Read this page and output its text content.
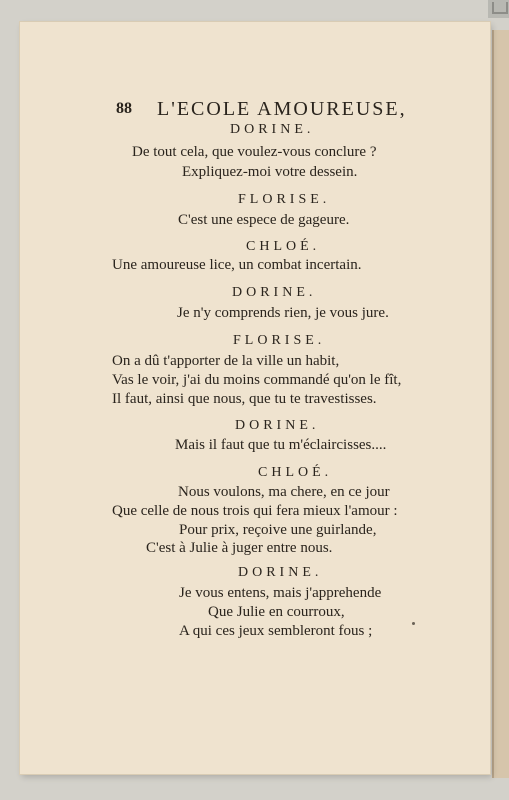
88 L'ECOLE AMOUREUSE,
DORINE.
De tout cela, que voulez-vous conclure ?
Expliquez-moi votre dessein.
FLORISE.
C'est une espece de gageure.
CHLOÉ.
Une amoureuse lice, un combat incertain.
DORINE.
Je n'y comprends rien, je vous jure.
FLORISE.
On a dû t'apporter de la ville un habit,
Vas le voir, j'ai du moins commandé qu'on le fît,
Il faut, ainsi que nous, que tu te travestisses.
DORINE.
Mais il faut que tu m'éclaircisses....
CHLOÉ.
Nous voulons, ma chere, en ce jour
Que celle de nous trois qui fera mieux l'amour :
Pour prix, reçoive une guirlande,
C'est à Julie à juger entre nous.
DORINE.
Je vous entens, mais j'apprehende
Que Julie en courroux,
A qui ces jeux sembleront fous ;
